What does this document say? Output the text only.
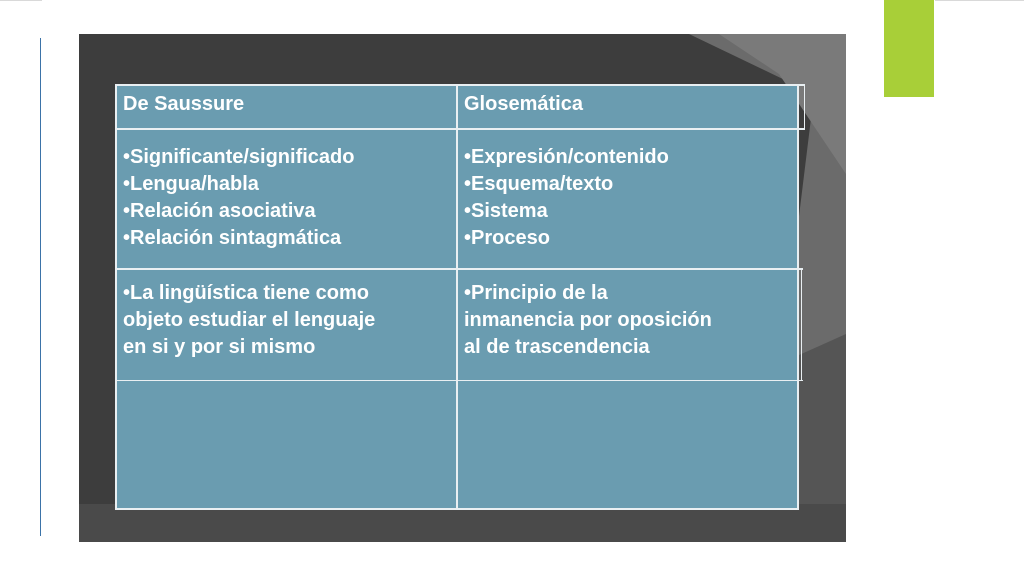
De Saussure	Glosemática
•Significante/significado
•Lengua/habla
•Relación asociativa
•Relación sintagmática
•Expresión/contenido
•Esquema/texto
•Sistema
•Proceso
•La lingüística tiene como
objeto estudiar el lenguaje
en si y por si mismo
•Principio de la
inmanencia por oposición
al de trascendencia
